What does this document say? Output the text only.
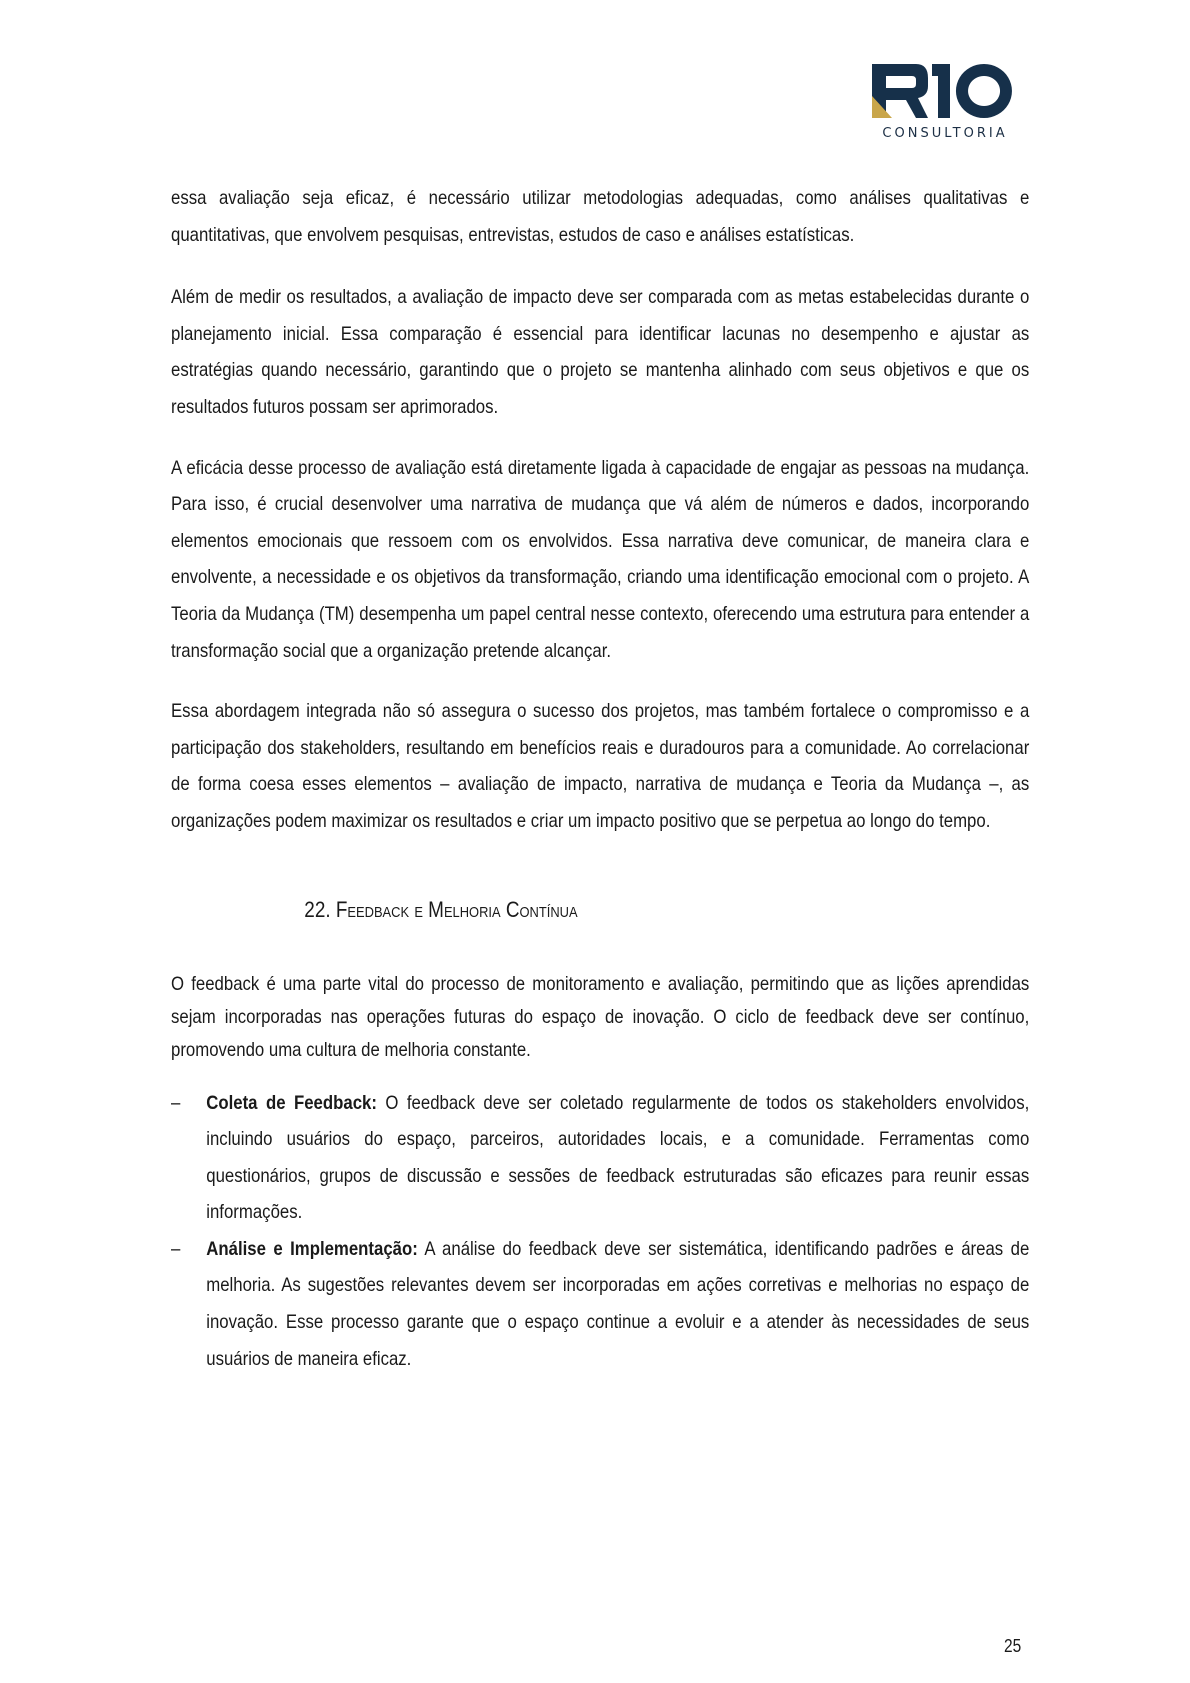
CONSULTORIA

essa avaliação seja eficaz, é necessário utilizar metodologias adequadas, como análises qualitativas e quantitativas, que envolvem pesquisas, entrevistas, estudos de caso e análises estatísticas.

Além de medir os resultados, a avaliação de impacto deve ser comparada com as metas estabelecidas durante o planejamento inicial. Essa comparação é essencial para identificar lacunas no desempenho e ajustar as estratégias quando necessário, garantindo que o projeto se mantenha alinhado com seus objetivos e que os resultados futuros possam ser aprimorados.

A eficácia desse processo de avaliação está diretamente ligada à capacidade de engajar as pessoas na mudança. Para isso, é crucial desenvolver uma narrativa de mudança que vá além de números e dados, incorporando elementos emocionais que ressoem com os envolvidos. Essa narrativa deve comunicar, de maneira clara e envolvente, a necessidade e os objetivos da transformação, criando uma identificação emocional com o projeto. A Teoria da Mudança (TM) desempenha um papel central nesse contexto, oferecendo uma estrutura para entender a transformação social que a organização pretende alcançar.

Essa abordagem integrada não só assegura o sucesso dos projetos, mas também fortalece o compromisso e a participação dos stakeholders, resultando em benefícios reais e duradouros para a comunidade. Ao correlacionar de forma coesa esses elementos – avaliação de impacto, narrativa de mudança e Teoria da Mudança –, as organizações podem maximizar os resultados e criar um impacto positivo que se perpetua ao longo do tempo.

22. Feedback e Melhoria Contínua

O feedback é uma parte vital do processo de monitoramento e avaliação, permitindo que as lições aprendidas sejam incorporadas nas operações futuras do espaço de inovação. O ciclo de feedback deve ser contínuo, promovendo uma cultura de melhoria constante.

– Coleta de Feedback: O feedback deve ser coletado regularmente de todos os stakeholders envolvidos, incluindo usuários do espaço, parceiros, autoridades locais, e a comunidade. Ferramentas como questionários, grupos de discussão e sessões de feedback estruturadas são eficazes para reunir essas informações.
– Análise e Implementação: A análise do feedback deve ser sistemática, identificando padrões e áreas de melhoria. As sugestões relevantes devem ser incorporadas em ações corretivas e melhorias no espaço de inovação. Esse processo garante que o espaço continue a evoluir e a atender às necessidades de seus usuários de maneira eficaz.
25
